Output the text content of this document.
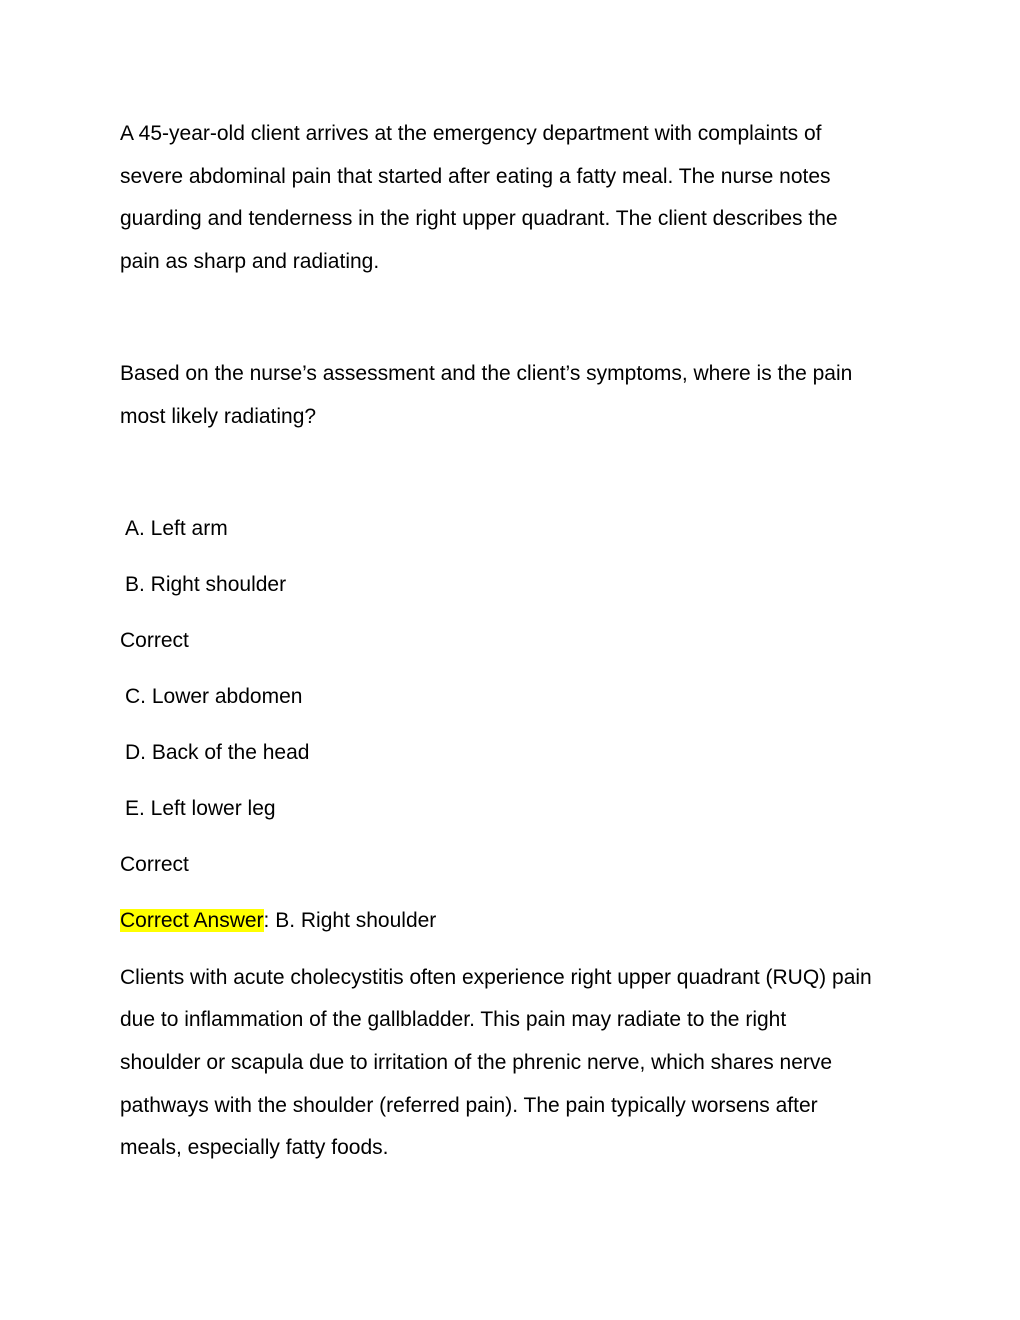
A 45-year-old client arrives at the emergency department with complaints of
severe abdominal pain that started after eating a fatty meal. The nurse notes
guarding and tenderness in the right upper quadrant. The client describes the
pain as sharp and radiating.
Based on the nurse’s assessment and the client’s symptoms, where is the pain
most likely radiating?
A. Left arm
B. Right shoulder
Correct
C. Lower abdomen
D. Back of the head
E. Left lower leg
Correct
Correct Answer: B. Right shoulder
Clients with acute cholecystitis often experience right upper quadrant (RUQ) pain
due to inflammation of the gallbladder. This pain may radiate to the right
shoulder or scapula due to irritation of the phrenic nerve, which shares nerve
pathways with the shoulder (referred pain). The pain typically worsens after
meals, especially fatty foods.
